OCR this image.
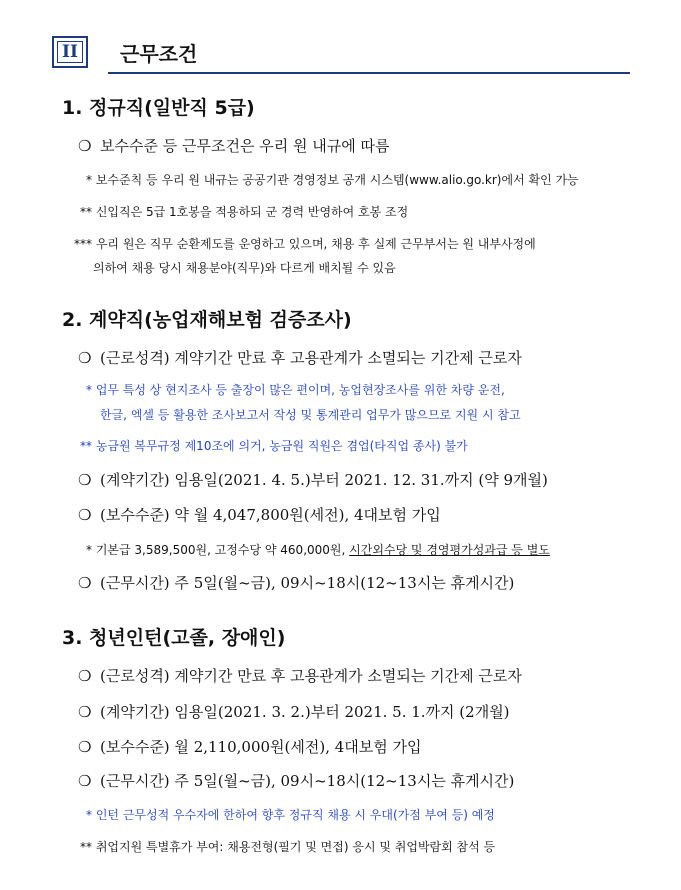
II	근무조건
1. 정규직(일반직 5급)
❍ 보수수준 등 근무조건은 우리 원 내규에 따름
* 보수준칙 등 우리 원 내규는 공공기관 경영정보 공개 시스템(www.alio.go.kr)에서 확인 가능
** 신입직은 5급 1호봉을 적용하되 군 경력 반영하여 호봉 조정
*** 우리 원은 직무 순환제도를 운영하고 있으며, 채용 후 실제 근무부서는 원 내부사정에
의하여 채용 당시 채용분야(직무)와 다르게 배치될 수 있음
2. 계약직(농업재해보험 검증조사)
❍ (근로성격) 계약기간 만료 후 고용관계가 소멸되는 기간제 근로자
* 업무 특성 상 현지조사 등 출장이 많은 편이며, 농업현장조사를 위한 차량 운전,
한글, 엑셀 등 활용한 조사보고서 작성 및 통계관리 업무가 많으므로 지원 시 참고
** 농금원 복무규정 제10조에 의거, 농금원 직원은 겸업(타직업 종사) 불가
❍ (계약기간) 임용일(2021. 4. 5.)부터 2021. 12. 31.까지 (약 9개월)
❍ (보수수준) 약 월 4,047,800원(세전), 4대보험 가입
* 기본급 3,589,500원, 고정수당 약 460,000원, 시간외수당 및 경영평가성과급 등 별도
❍ (근무시간) 주 5일(월~금), 09시~18시(12~13시는 휴게시간)
3. 청년인턴(고졸, 장애인)
❍ (근로성격) 계약기간 만료 후 고용관계가 소멸되는 기간제 근로자
❍ (계약기간) 임용일(2021. 3. 2.)부터 2021. 5. 1.까지 (2개월)
❍ (보수수준) 월 2,110,000원(세전), 4대보험 가입
❍ (근무시간) 주 5일(월~금), 09시~18시(12~13시는 휴게시간)
* 인턴 근무성적 우수자에 한하여 향후 정규직 채용 시 우대(가점 부여 등) 예정
** 취업지원 특별휴가 부여: 채용전형(필기 및 면접) 응시 및 취업박람회 참석 등
